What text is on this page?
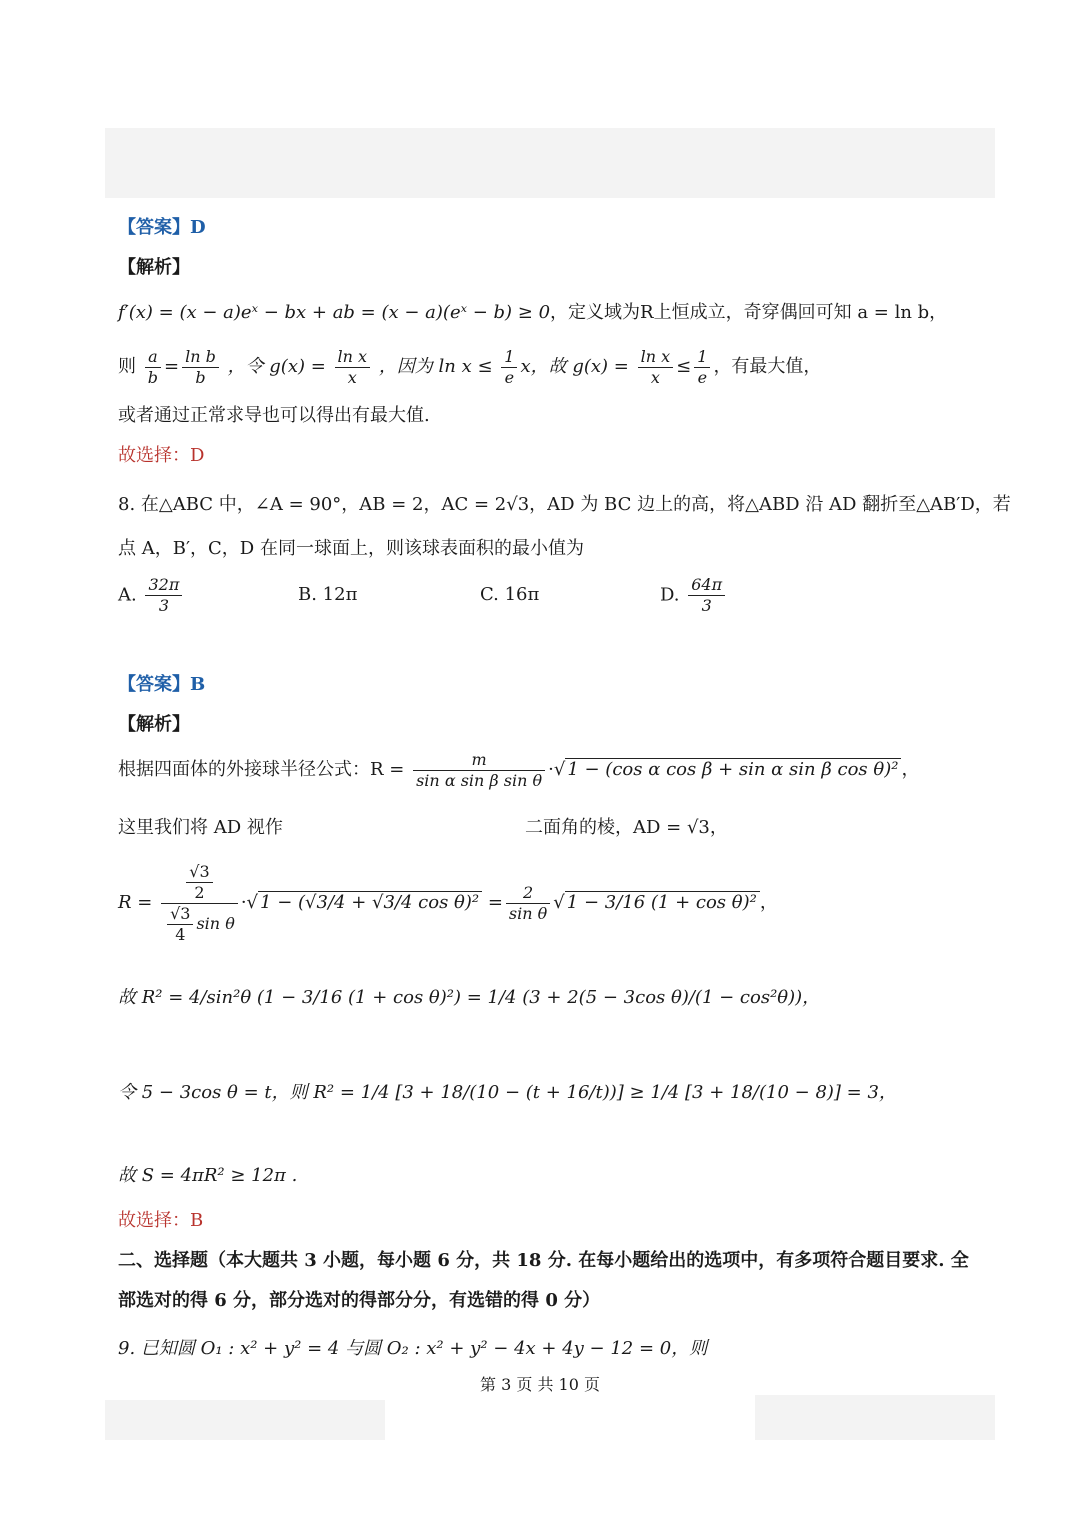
【答案】D
【解析】
f′(x) = (x − a)eˣ − bx + ab = (x − a)(eˣ − b) ≥ 0，定义域为R上恒成立，奇穿偶回可知 a = ln b，
则 $\frac{a}{b} = \frac{\text{ln b}}{b}$ ，令 $g(x) = \frac{\text{ln x}}{x}$ ，因为 $\ln x \le \frac{1}{e}$ x，故 $g(x) = \frac{\text{ln x}}{x} \le \frac{1}{e}$ ，有最大值，
或者通过正常求导也可以得出有最大值.
故选择：D
8. 在△ABC 中，∠A = 90°，AB = 2，AC = 2√3，AD 为 BC 边上的高，将△ABD 沿 AD 翻折至△AB′D，若
点 A，B′，C，D 在同一球面上，则该球表面积的最小值为
A. $\frac{32\pi}{3}$	B. 12π	C. 16π	D. $\frac{64\pi}{3}$
【答案】B
【解析】
根据四面体的外接球半径公式：$R = \frac{m}{\text{sin α sin β sin θ}}$ ·√ 1 − (cos α cos β + sin α sin β cos θ)² ，
这里我们将 AD 视作	二面角的棱，AD = √3，
$R = \frac{\frac{√3}{2}}{\frac{√3}{4} \sin \theta}$ ·√ 1 − (√3/4 + √3/4 $\cos \theta)^2 = \frac{2}{\text{sin θ}}$ √ 1 − 3/16 (1 + cos θ)² ，
故 R² = 4/sin²θ (1 − 3/16 (1 + cos θ)²) = 1/4 (3 + 2(5 − 3cos θ)/(1 − cos²θ))，
令 5 − 3cos θ = t，则 R² = 1/4 [3 + 18/(10 − (t + 16/t))] ≥ 1/4 [3 + 18/(10 − 8)] = 3，
故 S = 4πR² ≥ 12π .
故选择：B
二、选择题（本大题共 3 小题，每小题 6 分，共 18 分. 在每小题给出的选项中，有多项符合题目要求. 全
部选对的得 6 分，部分选对的得部分分，有选错的得 0 分）
9. 已知圆 O₁ : x² + y² = 4 与圆 O₂ : x² + y² − 4x + 4y − 12 = 0，则
第 3 页 共 10 页
